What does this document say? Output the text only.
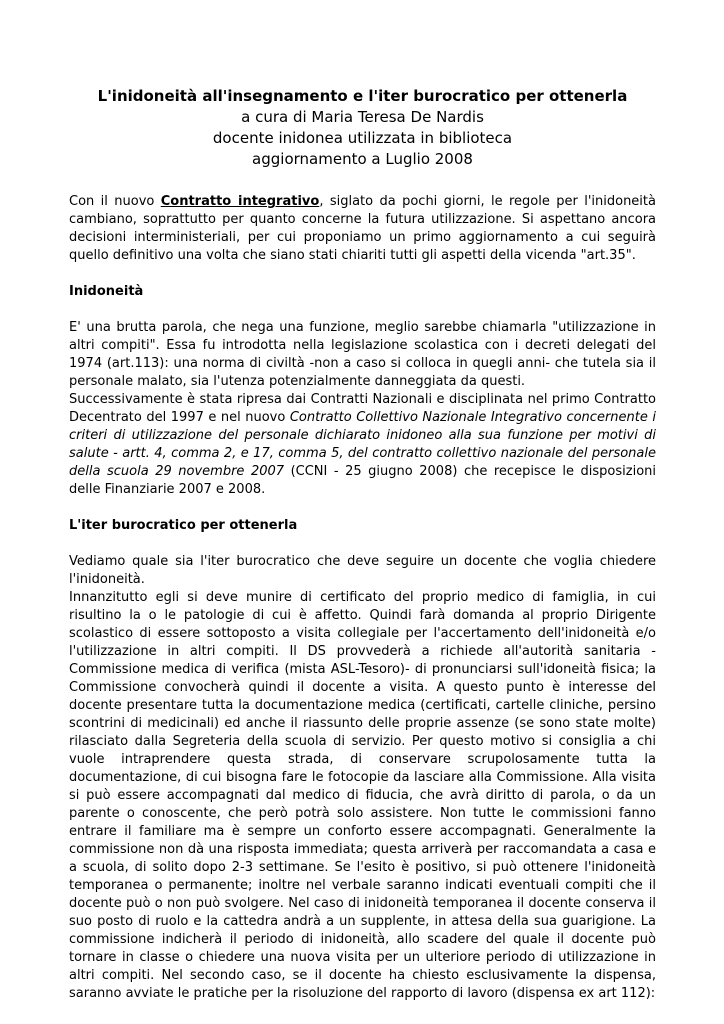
L'inidoneità all'insegnamento e l'iter burocratico per ottenerla
a cura di Maria Teresa De Nardis
docente inidonea utilizzata in biblioteca
aggiornamento a Luglio 2008

Con il nuovo Contratto integrativo, siglato da pochi giorni, le regole per l'inidoneità cambiano, soprattutto per quanto concerne la futura utilizzazione. Si aspettano ancora decisioni interministeriali, per cui proponiamo un primo aggiornamento a cui seguirà quello definitivo una volta che siano stati chiariti tutti gli aspetti della vicenda "art.35".

Inidoneità

E' una brutta parola, che nega una funzione, meglio sarebbe chiamarla "utilizzazione in altri compiti". Essa fu introdotta nella legislazione scolastica con i decreti delegati del 1974 (art.113): una norma di civiltà -non a caso si colloca in quegli anni- che tutela sia il personale malato, sia l'utenza potenzialmente danneggiata da questi.
Successivamente è stata ripresa dai Contratti Nazionali e disciplinata nel primo Contratto Decentrato del 1997 e nel nuovo Contratto Collettivo Nazionale Integrativo concernente i criteri di utilizzazione del personale dichiarato inidoneo alla sua funzione per motivi di salute - artt. 4, comma 2, e 17, comma 5, del contratto collettivo nazionale del personale della scuola 29 novembre 2007 (CCNI - 25 giugno 2008) che recepisce le disposizioni delle Finanziarie 2007 e 2008.

L'iter burocratico per ottenerla

Vediamo quale sia l'iter burocratico che deve seguire un docente che voglia chiedere l'inidoneità.

Innanzitutto egli si deve munire di certificato del proprio medico di famiglia, in cui risultino la o le patologie di cui è affetto. Quindi farà domanda al proprio Dirigente scolastico di essere sottoposto a visita collegiale per l'accertamento dell'inidoneità e/o l'utilizzazione in altri compiti. Il DS provvederà a richiede all'autorità sanitaria - Commissione medica di verifica (mista ASL-Tesoro)- di pronunciarsi sull'idoneità fisica; la Commissione convocherà quindi il docente a visita. A questo punto è interesse del docente presentare tutta la documentazione medica (certificati, cartelle cliniche, persino scontrini di medicinali) ed anche il riassunto delle proprie assenze (se sono state molte) rilasciato dalla Segreteria della scuola di servizio. Per questo motivo si consiglia a chi vuole intraprendere questa strada, di conservare scrupolosamente tutta la documentazione, di cui bisogna fare le fotocopie da lasciare alla Commissione. Alla visita si può essere accompagnati dal medico di fiducia, che avrà diritto di parola, o da un parente o conoscente, che però potrà solo assistere. Non tutte le commissioni fanno entrare il familiare ma è sempre un conforto essere accompagnati. Generalmente la commissione non dà una risposta immediata; questa arriverà per raccomandata a casa e a scuola, di solito dopo 2-3 settimane. Se l'esito è positivo, si può ottenere l'inidoneità temporanea o permanente; inoltre nel verbale saranno indicati eventuali compiti che il docente può o non può svolgere. Nel caso di inidoneità temporanea il docente conserva il suo posto di ruolo e la cattedra andrà a un supplente, in attesa della sua guarigione. La commissione indicherà il periodo di inidoneità, allo scadere del quale il docente può tornare in classe o chiedere una nuova visita per un ulteriore periodo di utilizzazione in altri compiti. Nel secondo caso, se il docente ha chiesto esclusivamente la dispensa, saranno avviate le pratiche per la risoluzione del rapporto di lavoro (dispensa ex art 112):
